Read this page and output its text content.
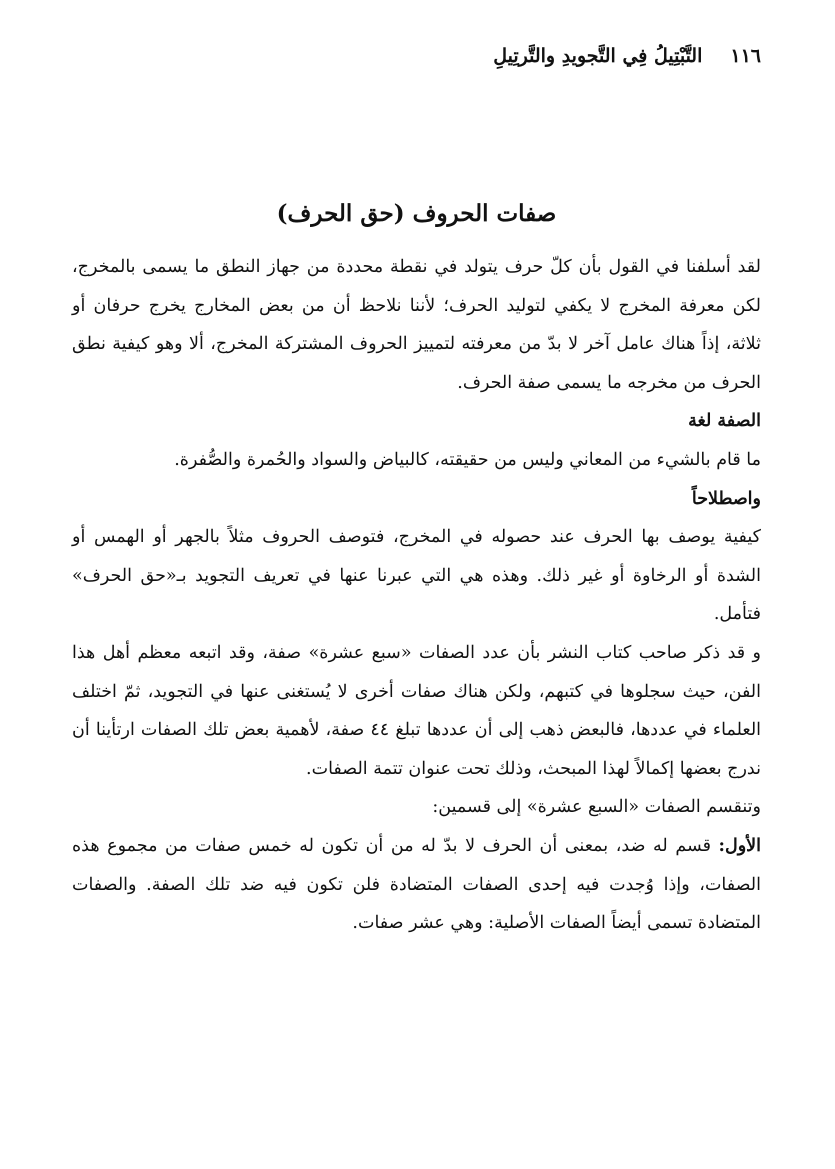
١١٦
التَّبْتِيلُ فِي التَّجويدِ والتَّرتِيلِ
صفات الحروف (حق الحرف)

لقد أسلفنا في القول بأن كلّ حرف يتولد في نقطة محددة من جهاز النطق ما يسمى بالمخرج، لكن معرفة المخرج لا يكفي لتوليد الحرف؛ لأننا نلاحظ أن من بعض المخارج يخرج حرفان أو ثلاثة، إذاً هناك عامل آخر لا بدّ من معرفته لتمييز الحروف المشتركة المخرج، ألا وهو كيفية نطق الحرف من مخرجه ما يسمى صفة الحرف.

الصفة لغة

ما قام بالشيء من المعاني وليس من حقيقته، كالبياض والسواد والحُمرة والصُّفرة.

واصطلاحاً

كيفية يوصف بها الحرف عند حصوله في المخرج، فتوصف الحروف مثلاً بالجهر أو الهمس أو الشدة أو الرخاوة أو غير ذلك. وهذه هي التي عبرنا عنها في تعريف التجويد بـ«حق الحرف» فتأمل.

و قد ذكر صاحب كتاب النشر بأن عدد الصفات «سبع عشرة» صفة، وقد اتبعه معظم أهل هذا الفن، حيث سجلوها في كتبهم، ولكن هناك صفات أخرى لا يُستغنى عنها في التجويد، ثمّ اختلف العلماء في عددها، فالبعض ذهب إلى أن عددها تبلغ ٤٤ صفة، لأهمية بعض تلك الصفات ارتأينا أن ندرج بعضها إكمالاً لهذا المبحث، وذلك تحت عنوان تتمة الصفات.

وتنقسم الصفات «السبع عشرة» إلى قسمين:

الأول: قسم له ضد، بمعنى أن الحرف لا بدّ له من أن تكون له خمس صفات من مجموع هذه الصفات، وإذا وُجدت فيه إحدى الصفات المتضادة فلن تكون فيه ضد تلك الصفة. والصفات المتضادة تسمى أيضاً الصفات الأصلية: وهي عشر صفات.
